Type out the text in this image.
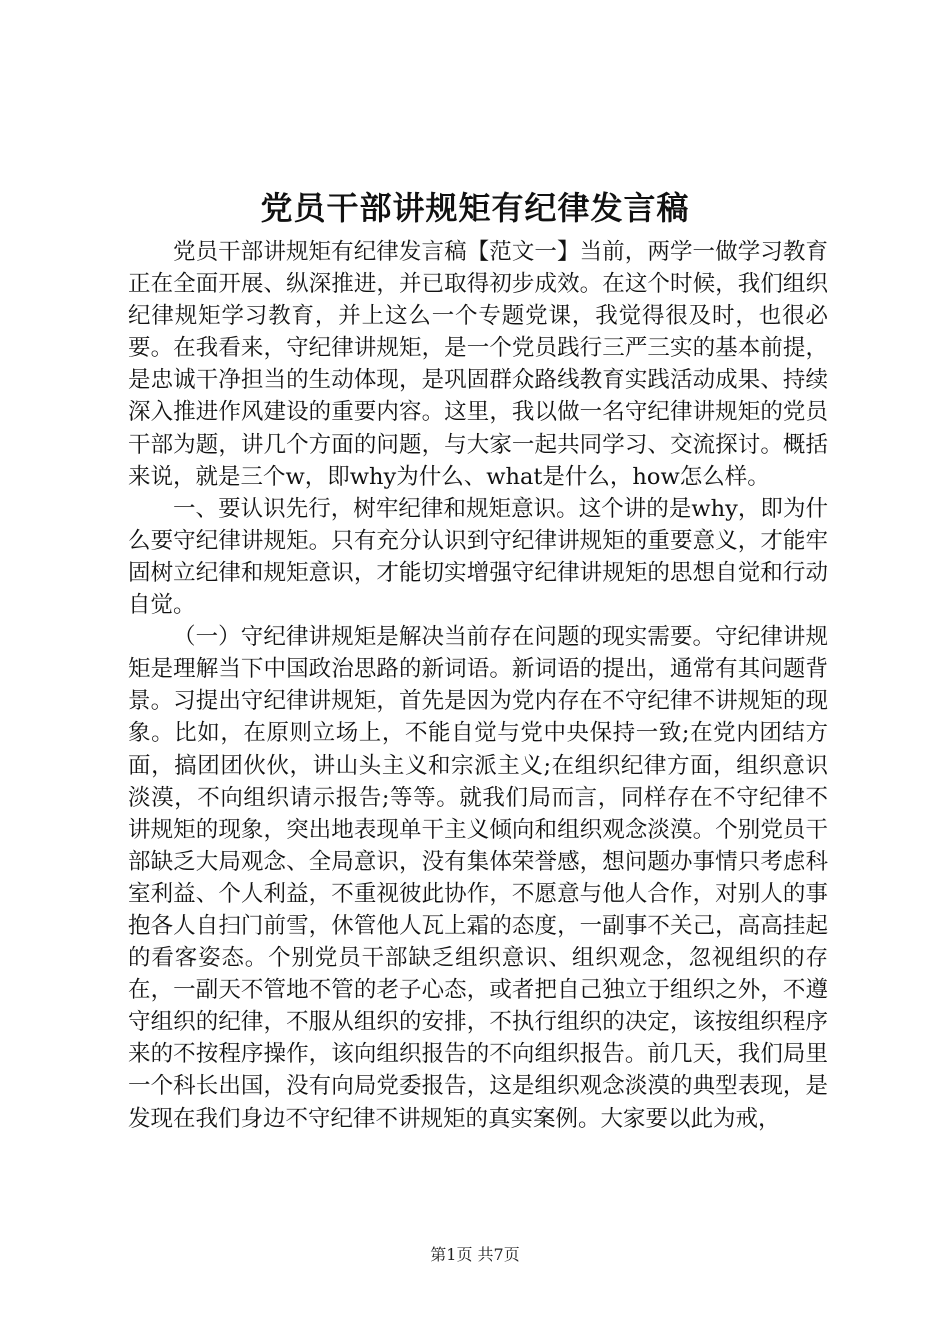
党员干部讲规矩有纪律发言稿

党员干部讲规矩有纪律发言稿【范文一】当前，两学一做学习教育正在全面开展、纵深推进，并已取得初步成效。在这个时候，我们组织纪律规矩学习教育，并上这么一个专题党课，我觉得很及时，也很必要。在我看来，守纪律讲规矩，是一个党员践行三严三实的基本前提，是忠诚干净担当的生动体现，是巩固群众路线教育实践活动成果、持续深入推进作风建设的重要内容。这里，我以做一名守纪律讲规矩的党员干部为题，讲几个方面的问题，与大家一起共同学习、交流探讨。概括来说，就是三个w，即why为什么、what是什么，how怎么样。

一、要认识先行，树牢纪律和规矩意识。这个讲的是why，即为什么要守纪律讲规矩。只有充分认识到守纪律讲规矩的重要意义，才能牢固树立纪律和规矩意识，才能切实增强守纪律讲规矩的思想自觉和行动自觉。

（一）守纪律讲规矩是解决当前存在问题的现实需要。守纪律讲规矩是理解当下中国政治思路的新词语。新词语的提出，通常有其问题背景。习提出守纪律讲规矩，首先是因为党内存在不守纪律不讲规矩的现象。比如，在原则立场上，不能自觉与党中央保持一致;在党内团结方面，搞团团伙伙，讲山头主义和宗派主义;在组织纪律方面，组织意识淡漠，不向组织请示报告;等等。就我们局而言，同样存在不守纪律不讲规矩的现象，突出地表现单干主义倾向和组织观念淡漠。个别党员干部缺乏大局观念、全局意识，没有集体荣誉感，想问题办事情只考虑科室利益、个人利益，不重视彼此协作，不愿意与他人合作，对别人的事抱各人自扫门前雪，休管他人瓦上霜的态度，一副事不关己，高高挂起的看客姿态。个别党员干部缺乏组织意识、组织观念，忽视组织的存在，一副天不管地不管的老子心态，或者把自己独立于组织之外，不遵守组织的纪律，不服从组织的安排，不执行组织的决定，该按组织程序来的不按程序操作，该向组织报告的不向组织报告。前几天，我们局里一个科长出国，没有向局党委报告，这是组织观念淡漠的典型表现，是发现在我们身边不守纪律不讲规矩的真实案例。大家要以此为戒，

第1页 共7页
